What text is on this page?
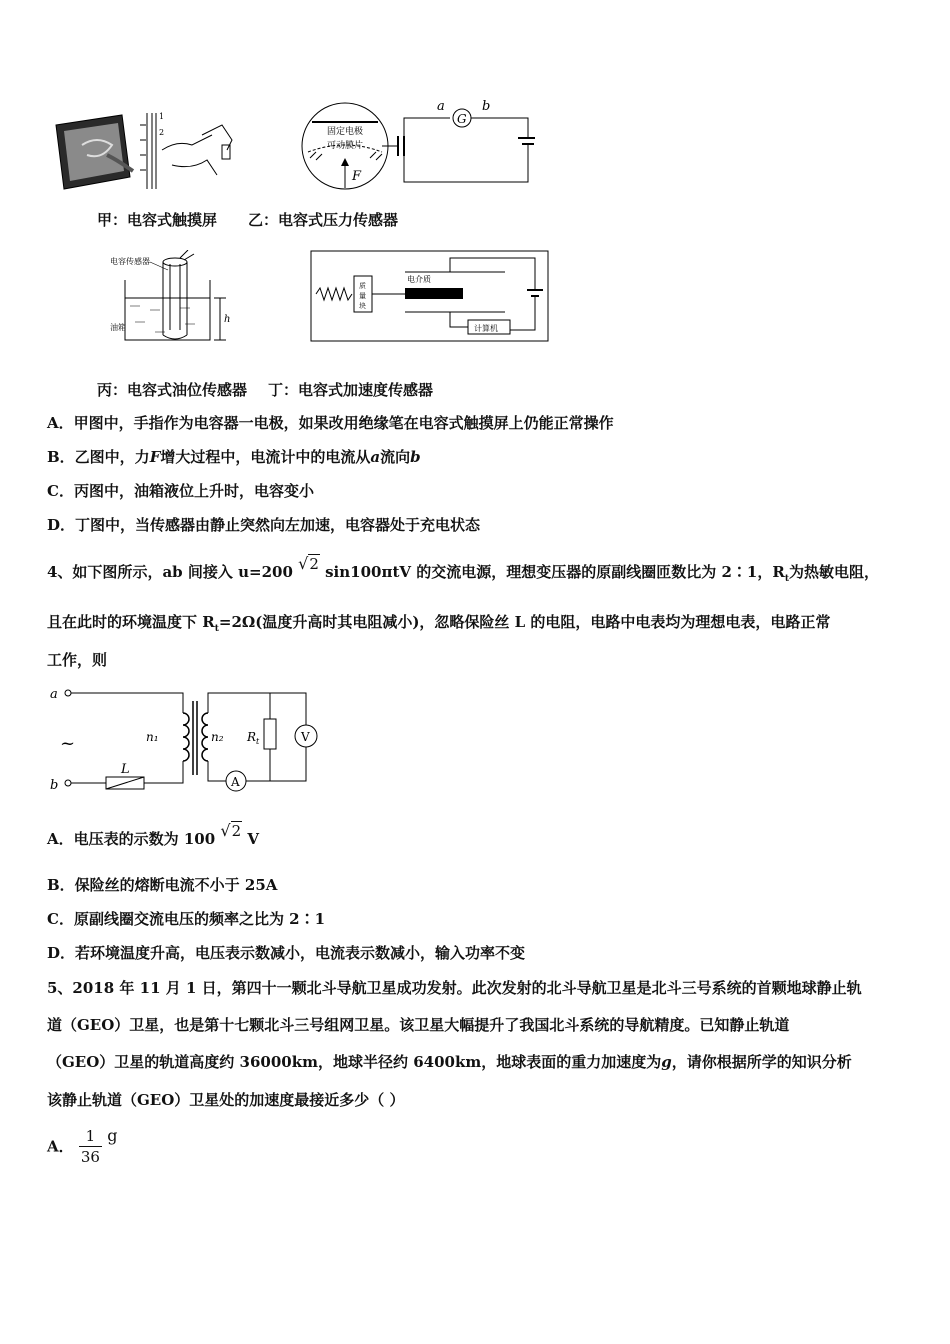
1
2	固定电极
可动膜片
F
G
a	b
甲：电容式触摸屏 乙：电容式压力传感器
电容传感器
油箱
h
质
量
块
电介质
计算机
丙：电容式油位传感器 丁：电容式加速度传感器
A．甲图中，手指作为电容器一电极，如果改用绝缘笔在电容式触摸屏上仍能正常操作
B．乙图中，力F增大过程中，电流计中的电流从a流向b
C．丙图中，油箱液位上升时，电容变小
D．丁图中，当传感器由静止突然向左加速，电容器处于充电状态
4、如下图所示，ab 间接入 u=200 √2 sin100πtV 的交流电源，理想变压器的原副线圈匝数比为 2∶1，$R_t$为热敏电阻，
且在此时的环境温度下 $R_t=2\Omega$(温度升高时其电阻减小)，忽略保险丝 L 的电阻，电路中电表均为理想电表，电路正常
工作，则
a
~
b
L
n₁	n₂
A
$R_t$	V
A．电压表的示数为 100 √2 V
B．保险丝的熔断电流不小于 25A
C．原副线圈交流电压的频率之比为 2∶1
D．若环境温度升高，电压表示数减小，电流表示数减小，输入功率不变
5、2018 年 11 月 1 日，第四十一颗北斗导航卫星成功发射。此次发射的北斗导航卫星是北斗三号系统的首颗地球静止轨
道（GEO）卫星，也是第十七颗北斗三号组网卫星。该卫星大幅提升了我国北斗系统的导航精度。已知静止轨道
（GEO）卫星的轨道高度约 36000km，地球半径约 6400km，地球表面的重力加速度为g，请你根据所学的知识分析
该静止轨道（GEO）卫星处的加速度最接近多少（ ）
A． $\frac{1}{36}$ g
